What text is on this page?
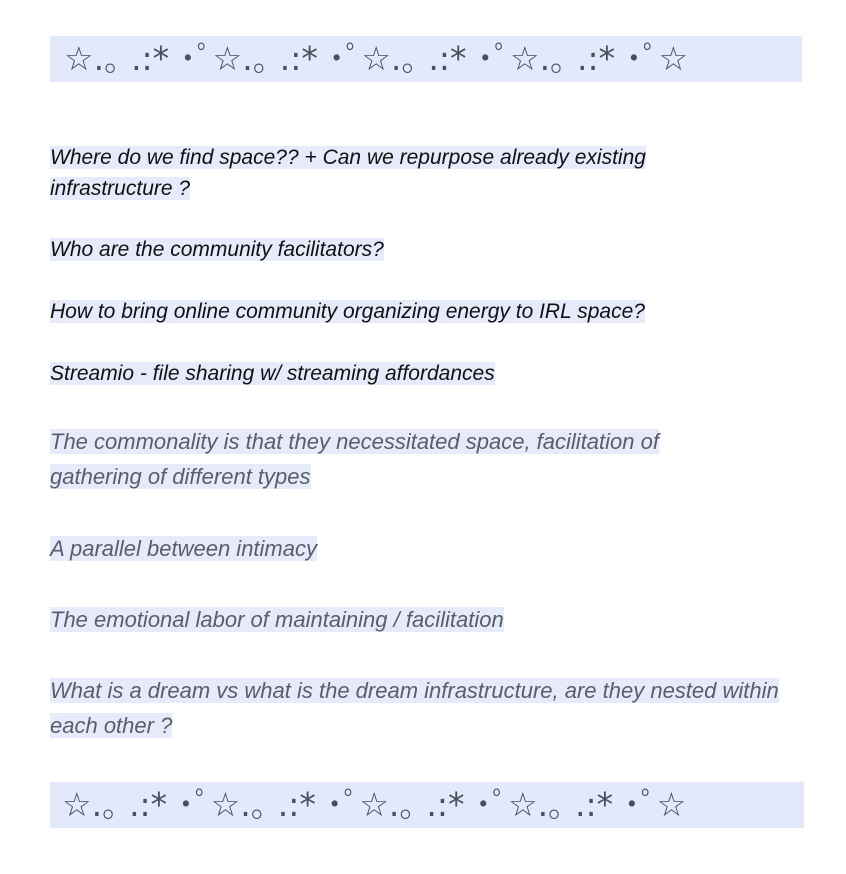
☆.｡ .:* ･ﾟ☆.｡ .:* ･ﾟ☆.｡ .:* ･ﾟ☆.｡ .:* ･ﾟ☆
Where do we find space?? + Can we repurpose already existing infrastructure ?
Who are the community facilitators?
How to bring online community organizing energy to IRL space?
Streamio - file sharing w/ streaming affordances
The commonality is that they necessitated space, facilitation of gathering of different types
A parallel between intimacy
The emotional labor of maintaining / facilitation
What is a dream vs what is the dream infrastructure, are they nested within each other ?
☆.｡ .:* ･ﾟ☆.｡ .:* ･ﾟ☆.｡ .:* ･ﾟ☆.｡ .:* ･ﾟ☆
